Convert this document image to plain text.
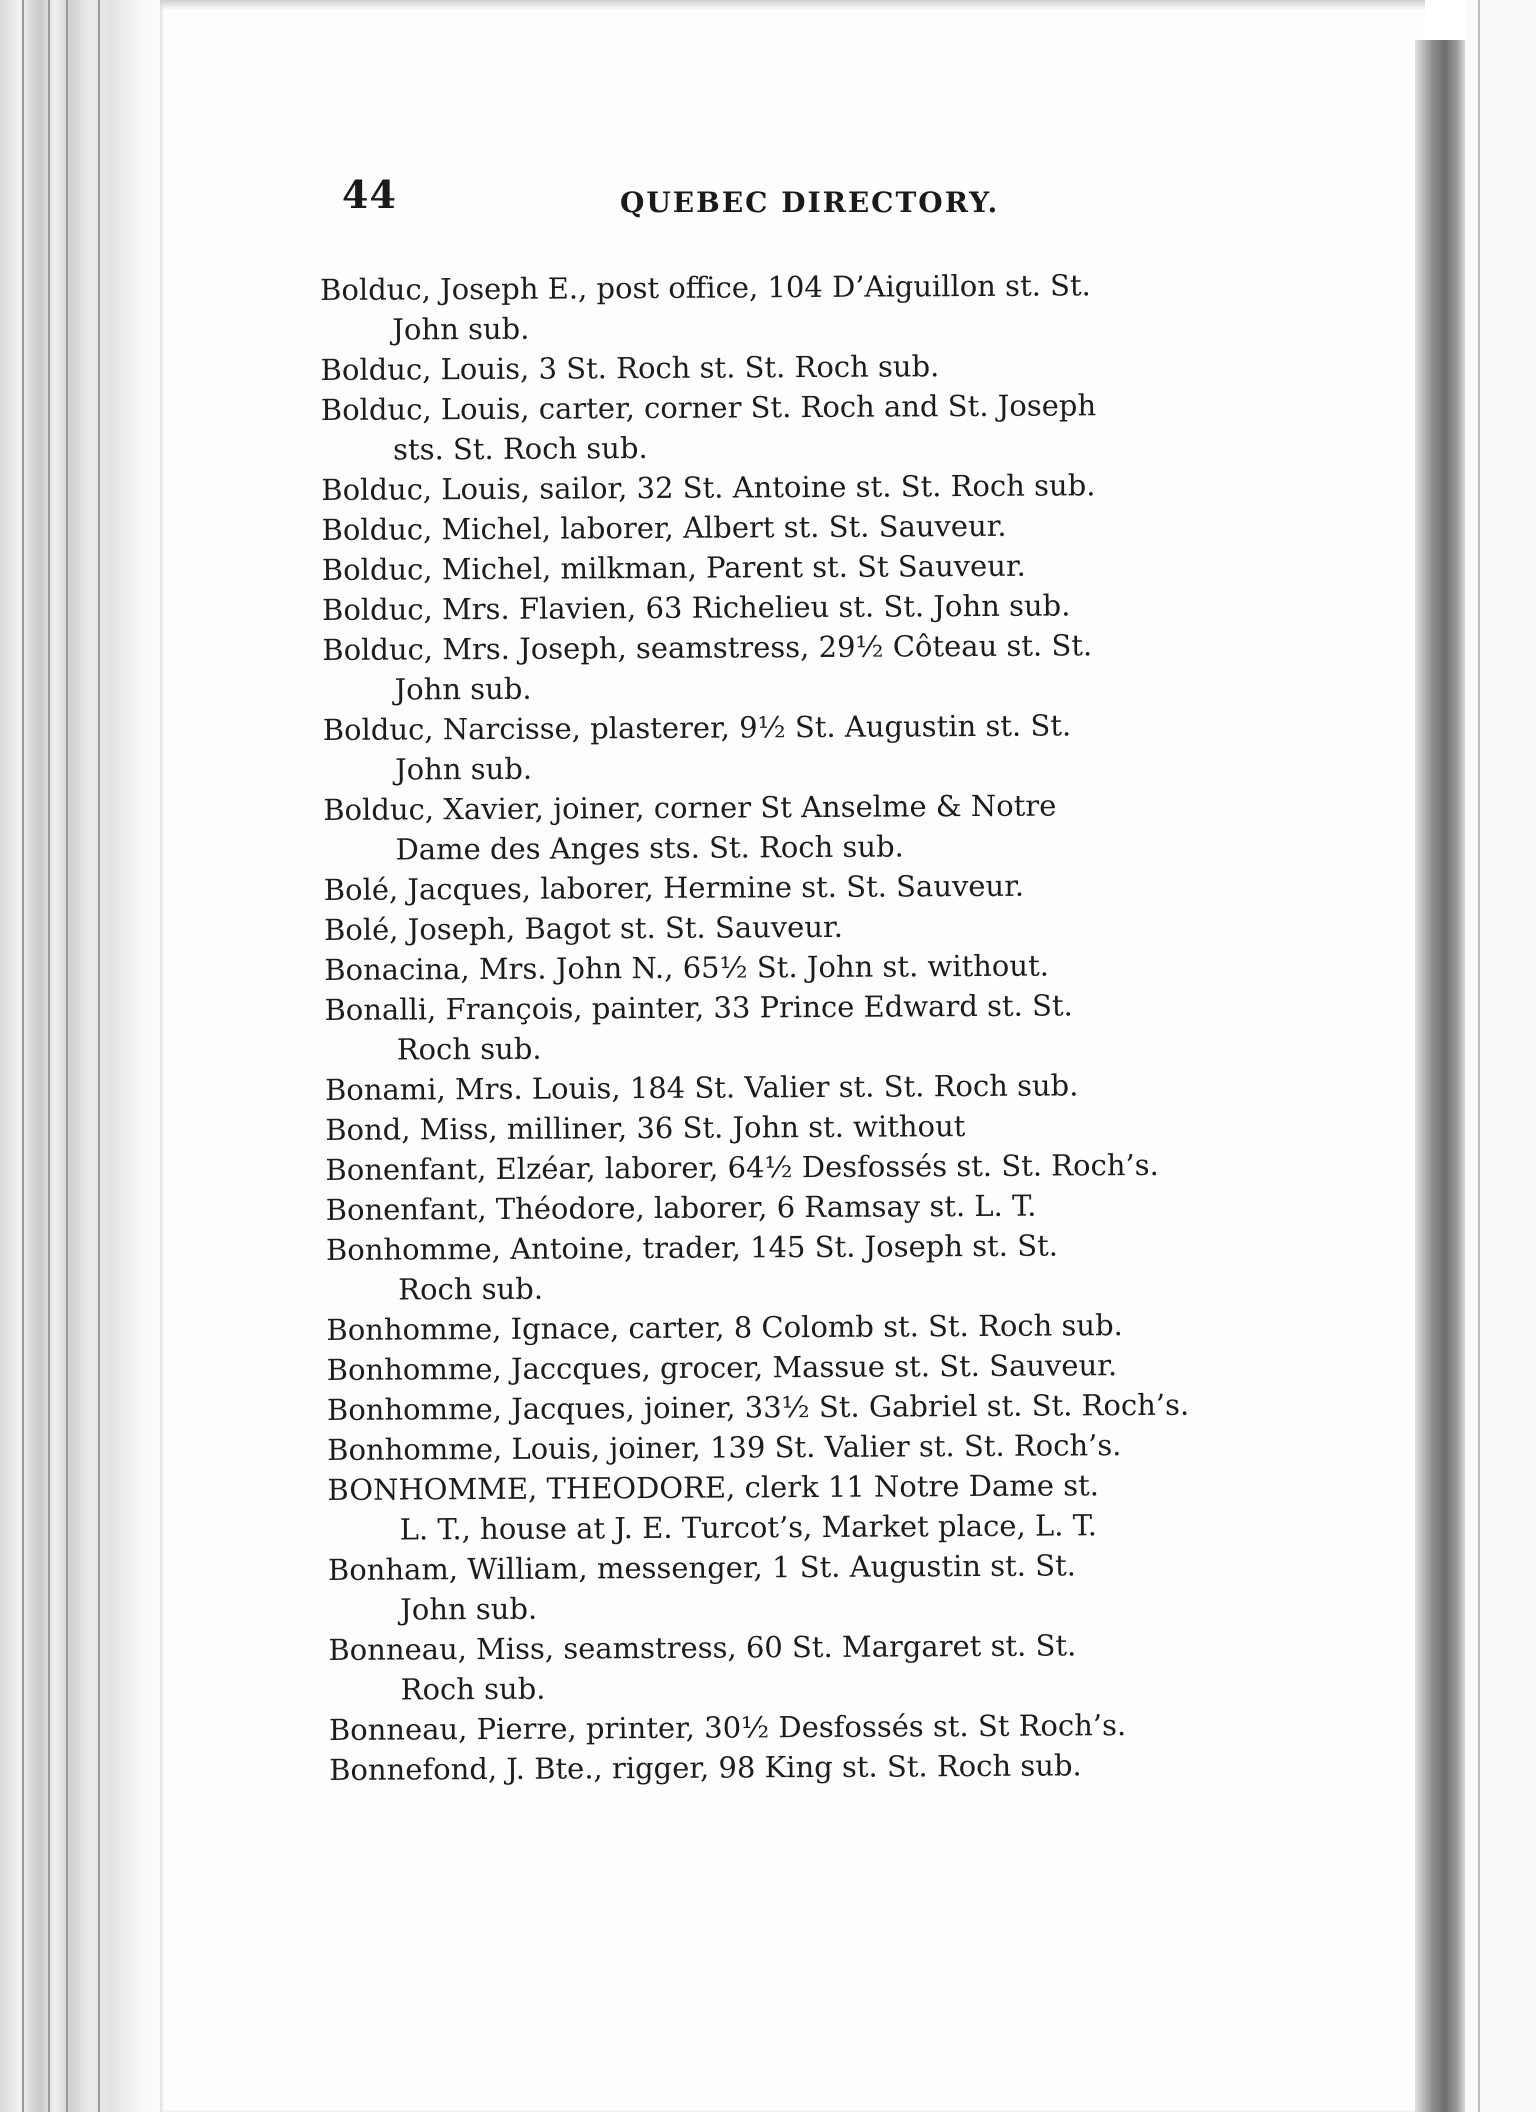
44	QUEBEC DIRECTORY.

Bolduc, Joseph E., post office, 104 D’Aiguillon st. St.
John sub.

Bolduc, Louis, 3 St. Roch st. St. Roch sub.

Bolduc, Louis, carter, corner St. Roch and St. Joseph
sts. St. Roch sub.

Bolduc, Louis, sailor, 32 St. Antoine st. St. Roch sub.

Bolduc, Michel, laborer, Albert st. St. Sauveur.

Bolduc, Michel, milkman, Parent st. St Sauveur.

Bolduc, Mrs. Flavien, 63 Richelieu st. St. John sub.

Bolduc, Mrs. Joseph, seamstress, 29½ Côteau st. St.
John sub.

Bolduc, Narcisse, plasterer, 9½ St. Augustin st. St.
John sub.

Bolduc, Xavier, joiner, corner St Anselme & Notre
Dame des Anges sts. St. Roch sub.

Bolé, Jacques, laborer, Hermine st. St. Sauveur.

Bolé, Joseph, Bagot st. St. Sauveur.

Bonacina, Mrs. John N., 65½ St. John st. without.

Bonalli, François, painter, 33 Prince Edward st. St.
Roch sub.

Bonami, Mrs. Louis, 184 St. Valier st. St. Roch sub.

Bond, Miss, milliner, 36 St. John st. without

Bonenfant, Elzéar, laborer, 64½ Desfossés st. St. Roch’s.

Bonenfant, Théodore, laborer, 6 Ramsay st. L. T.

Bonhomme, Antoine, trader, 145 St. Joseph st. St.
Roch sub.

Bonhomme, Ignace, carter, 8 Colomb st. St. Roch sub.

Bonhomme, Jaccques, grocer, Massue st. St. Sauveur.

Bonhomme, Jacques, joiner, 33½ St. Gabriel st. St. Roch’s.

Bonhomme, Louis, joiner, 139 St. Valier st. St. Roch’s.

BONHOMME, THEODORE, clerk 11 Notre Dame st.
L. T., house at J. E. Turcot’s, Market place, L. T.

Bonham, William, messenger, 1 St. Augustin st. St.
John sub.

Bonneau, Miss, seamstress, 60 St. Margaret st. St.
Roch sub.

Bonneau, Pierre, printer, 30½ Desfossés st. St Roch’s.

Bonnefond, J. Bte., rigger, 98 King st. St. Roch sub.
